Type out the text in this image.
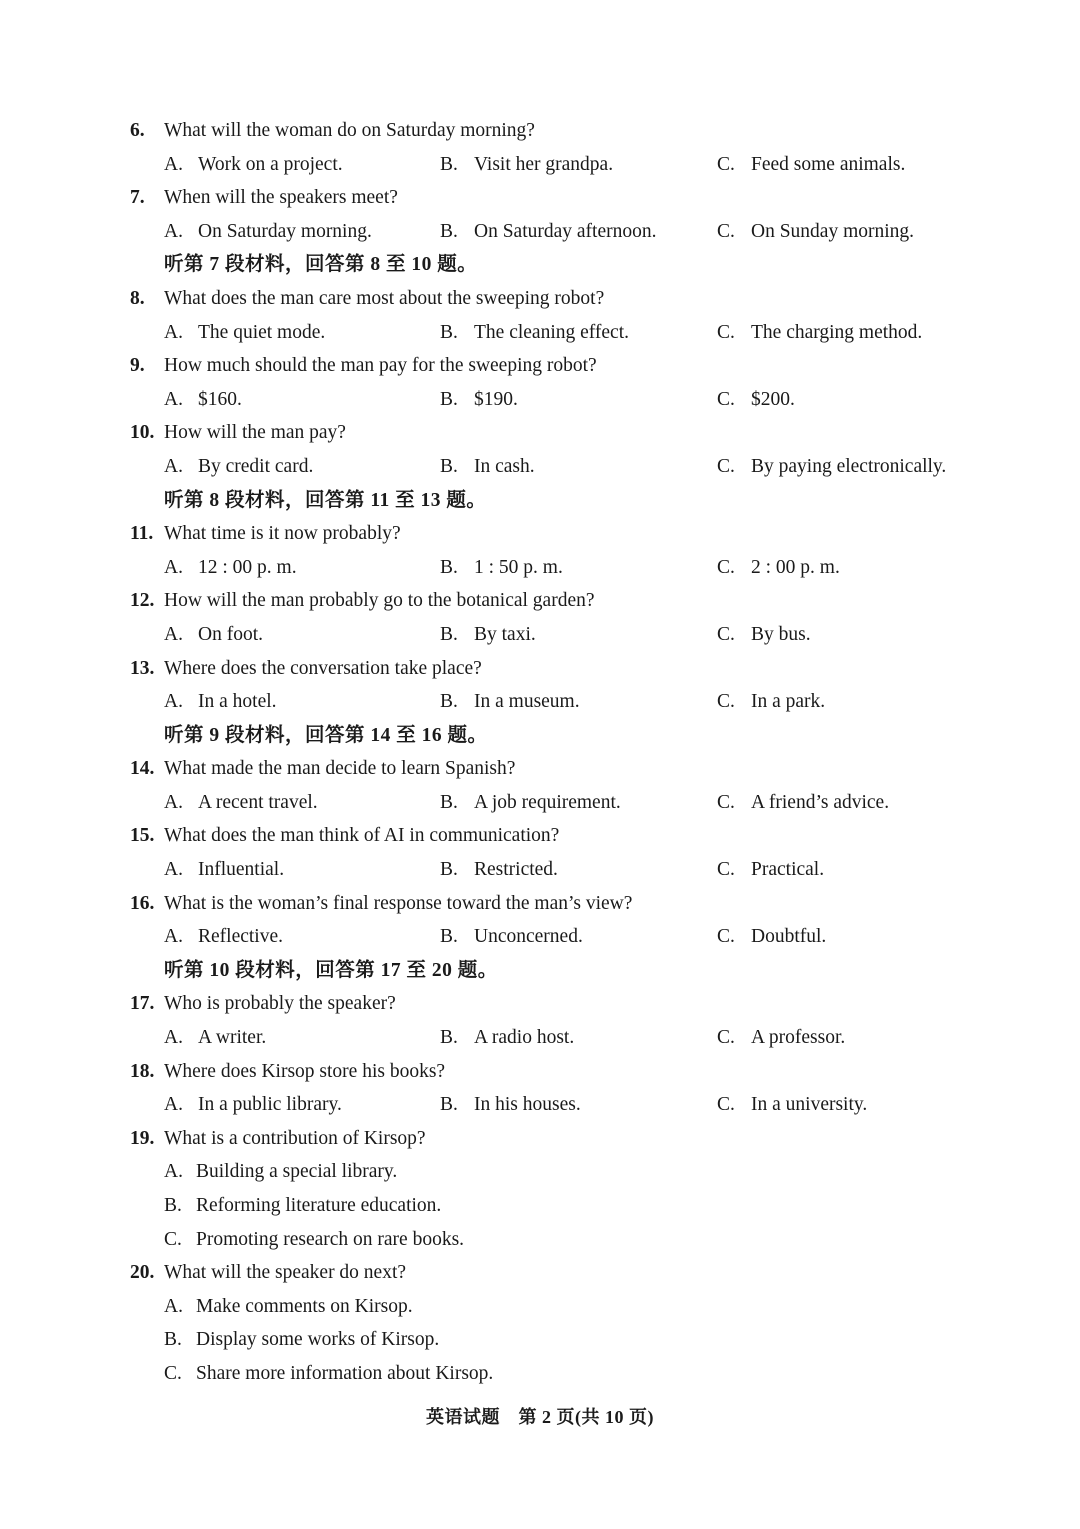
6. What will the woman do on Saturday morning?
A. Work on a project.	B. Visit her grandpa.	C. Feed some animals.
7. When will the speakers meet?
A. On Saturday morning.	B. On Saturday afternoon.	C. On Sunday morning.
听第 7 段材料，回答第 8 至 10 题。
8. What does the man care most about the sweeping robot?
A. The quiet mode.	B. The cleaning effect.	C. The charging method.
9. How much should the man pay for the sweeping robot?
A. $160.	B. $190.	C. $200.
10. How will the man pay?
A. By credit card.	B. In cash.	C. By paying electronically.
听第 8 段材料，回答第 11 至 13 题。
11. What time is it now probably?
A. 12 : 00 p. m.	B. 1 : 50 p. m.	C. 2 : 00 p. m.
12. How will the man probably go to the botanical garden?
A. On foot.	B. By taxi.	C. By bus.
13. Where does the conversation take place?
A. In a hotel.	B. In a museum.	C. In a park.
听第 9 段材料，回答第 14 至 16 题。
14. What made the man decide to learn Spanish?
A. A recent travel.	B. A job requirement.	C. A friend’s advice.
15. What does the man think of AI in communication?
A. Influential.	B. Restricted.	C. Practical.
16. What is the woman’s final response toward the man’s view?
A. Reflective.	B. Unconcerned.	C. Doubtful.
听第 10 段材料，回答第 17 至 20 题。
17. Who is probably the speaker?
A. A writer.	B. A radio host.	C. A professor.
18. Where does Kirsop store his books?
A. In a public library.	B. In his houses.	C. In a university.
19. What is a contribution of Kirsop?
A. Building a special library.
B. Reforming literature education.
C. Promoting research on rare books.
20. What will the speaker do next?
A. Make comments on Kirsop.
B. Display some works of Kirsop.
C. Share more information about Kirsop.
英语试题　第 2 页(共 10 页)
